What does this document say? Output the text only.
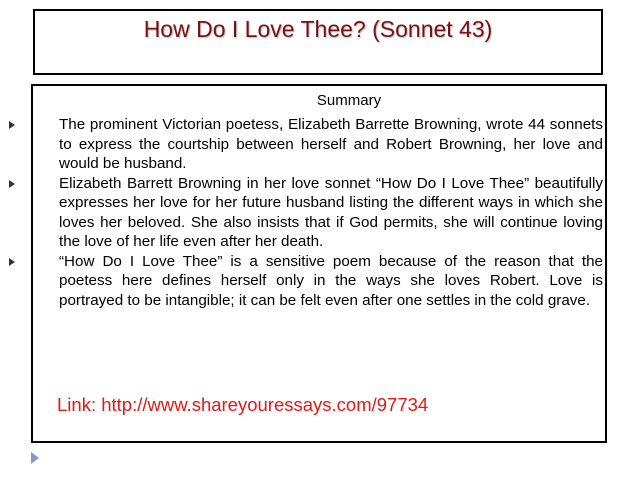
How Do I Love Thee? (Sonnet 43)
Summary
The prominent Victorian poetess, Elizabeth Barrette Browning, wrote 44 sonnets to express the courtship between herself and Robert Browning, her love and would be husband.
Elizabeth Barrett Browning in her love sonnet “How Do I Love Thee” beautifully expresses her love for her future husband listing the different ways in which she loves her beloved. She also insists that if God permits, she will continue loving the love of her life even after her death.
“How Do I Love Thee” is a sensitive poem because of the reason that the poetess here defines herself only in the ways she loves Robert. Love is portrayed to be intangible; it can be felt even after one settles in the cold grave.
Link: http://www.shareyouressays.com/97734
